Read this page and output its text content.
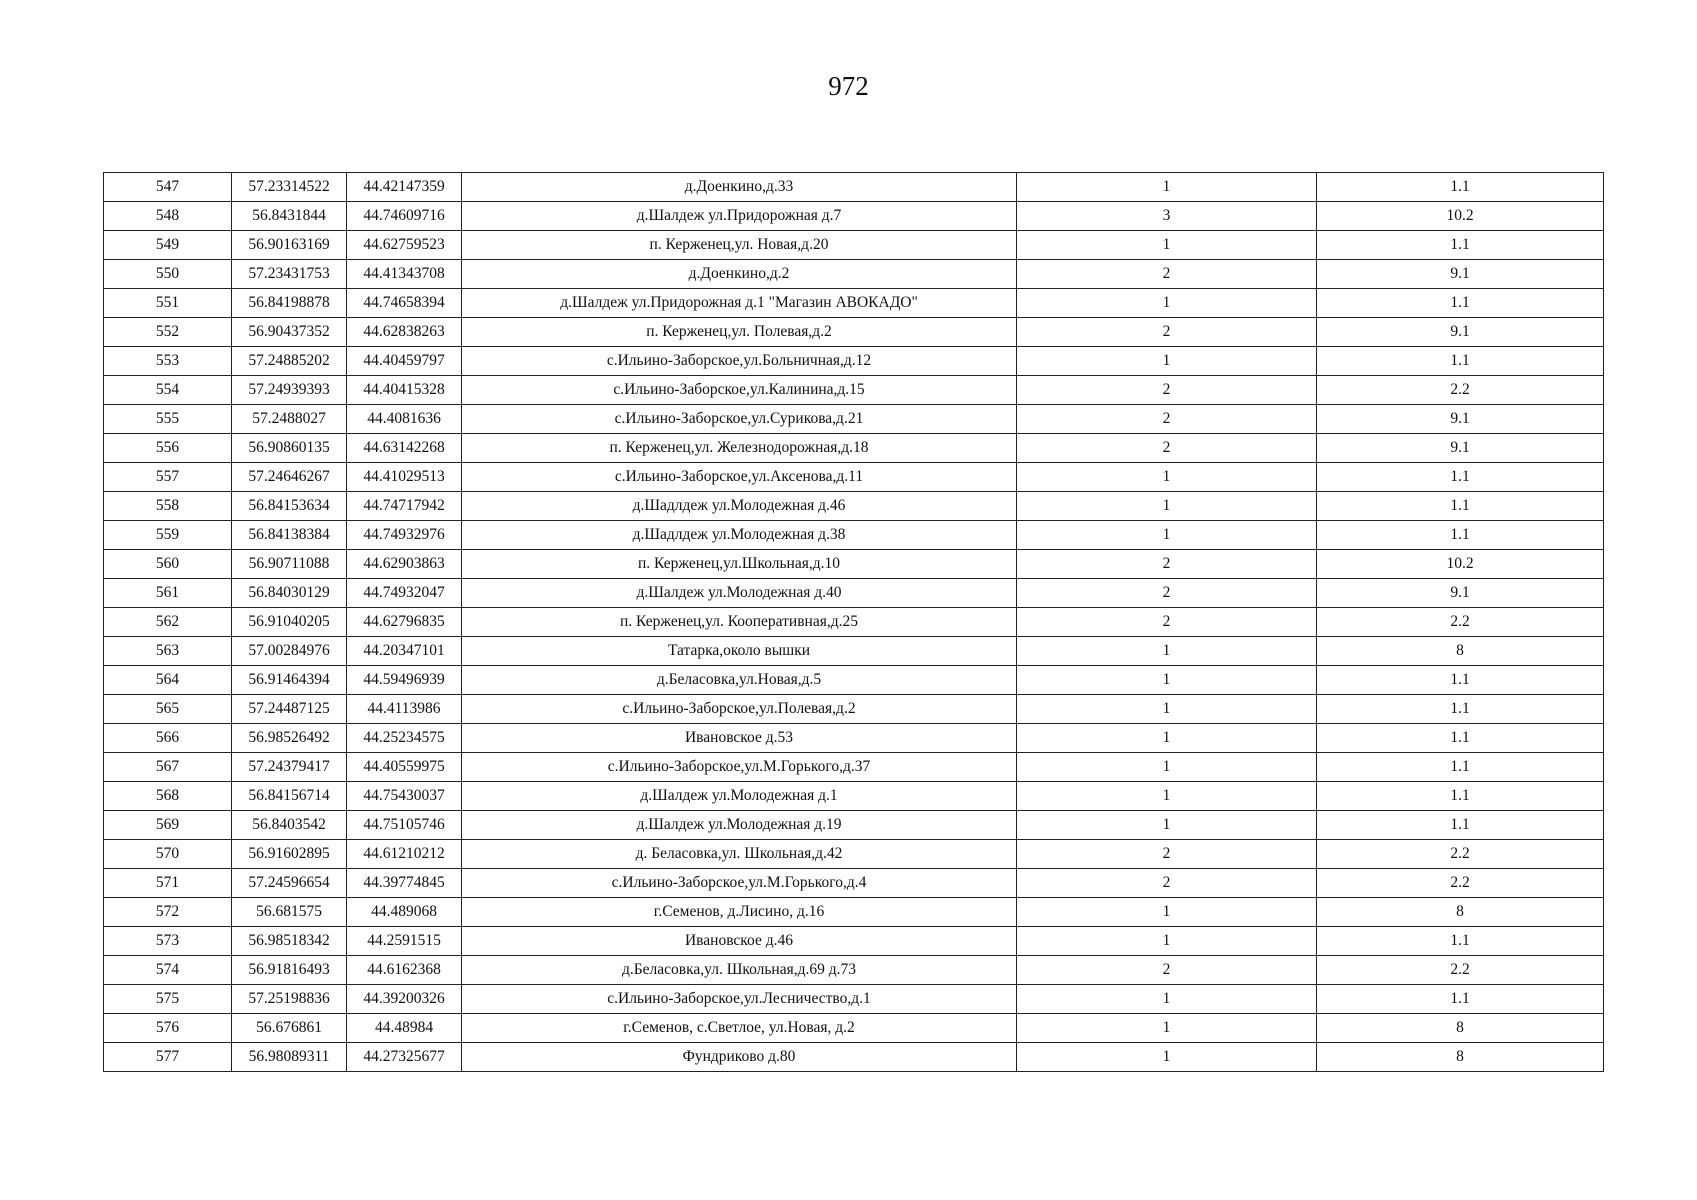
972
547	57.23314522	44.42147359	д.Доенкино,д.33	1	1.1
548	56.8431844	44.74609716	д.Шалдеж ул.Придорожная д.7	3	10.2
549	56.90163169	44.62759523	п. Керженец,ул. Новая,д.20	1	1.1
550	57.23431753	44.41343708	д.Доенкино,д.2	2	9.1
551	56.84198878	44.74658394	д.Шалдеж ул.Придорожная д.1 "Магазин АВОКАДО"	1	1.1
552	56.90437352	44.62838263	п. Керженец,ул. Полевая,д.2	2	9.1
553	57.24885202	44.40459797	с.Ильино-Заборское,ул.Больничная,д.12	1	1.1
554	57.24939393	44.40415328	с.Ильино-Заборское,ул.Калинина,д.15	2	2.2
555	57.2488027	44.4081636	с.Ильино-Заборское,ул.Сурикова,д.21	2	9.1
556	56.90860135	44.63142268	п. Керженец,ул. Железнодорожная,д.18	2	9.1
557	57.24646267	44.41029513	с.Ильино-Заборское,ул.Аксенова,д.11	1	1.1
558	56.84153634	44.74717942	д.Шадлдеж ул.Молодежная д.46	1	1.1
559	56.84138384	44.74932976	д.Шадлдеж ул.Молодежная д.38	1	1.1
560	56.90711088	44.62903863	п. Керженец,ул.Школьная,д.10	2	10.2
561	56.84030129	44.74932047	д.Шалдеж ул.Молодежная д.40	2	9.1
562	56.91040205	44.62796835	п. Керженец,ул. Кооперативная,д.25	2	2.2
563	57.00284976	44.20347101	Татарка,около вышки	1	8
564	56.91464394	44.59496939	д.Беласовка,ул.Новая,д.5	1	1.1
565	57.24487125	44.4113986	с.Ильино-Заборское,ул.Полевая,д.2	1	1.1
566	56.98526492	44.25234575	Ивановское д.53	1	1.1
567	57.24379417	44.40559975	с.Ильино-Заборское,ул.М.Горького,д.37	1	1.1
568	56.84156714	44.75430037	д.Шалдеж ул.Молодежная д.1	1	1.1
569	56.8403542	44.75105746	д.Шалдеж ул.Молодежная д.19	1	1.1
570	56.91602895	44.61210212	д. Беласовка,ул. Школьная,д.42	2	2.2
571	57.24596654	44.39774845	с.Ильино-Заборское,ул.М.Горького,д.4	2	2.2
572	56.681575	44.489068	г.Семенов, д.Лисино, д.16	1	8
573	56.98518342	44.2591515	Ивановское д.46	1	1.1
574	56.91816493	44.6162368	д.Беласовка,ул. Школьная,д.69 д.73	2	2.2
575	57.25198836	44.39200326	с.Ильино-Заборское,ул.Лесничество,д.1	1	1.1
576	56.676861	44.48984	г.Семенов, с.Светлое, ул.Новая, д.2	1	8
577	56.98089311	44.27325677	Фундриково д.80	1	8
